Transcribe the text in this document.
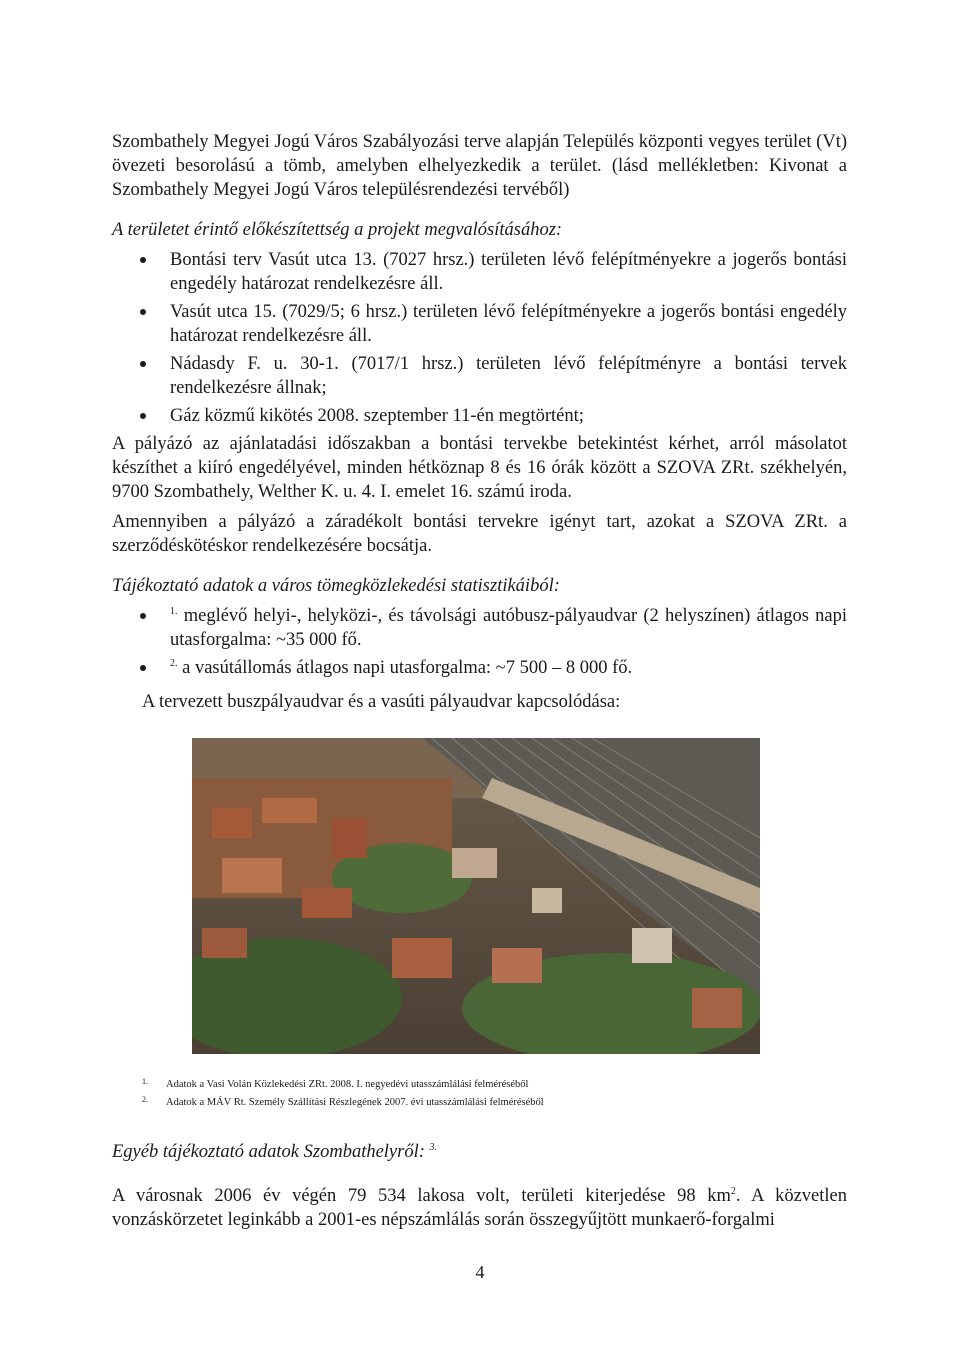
Szombathely Megyei Jogú Város Szabályozási terve alapján Település központi vegyes terület (Vt) övezeti besorolású a tömb, amelyben elhelyezkedik a terület. (lásd mellékletben: Kivonat a Szombathely Megyei Jogú Város településrendezési tervéből)
A területet érintő előkészítettség a projekt megvalósításához:
Bontási terv Vasút utca 13. (7027 hrsz.) területen lévő felépítményekre a jogerős bontási engedély határozat rendelkezésre áll.
Vasút utca 15. (7029/5; 6 hrsz.) területen lévő felépítményekre a jogerős bontási engedély határozat rendelkezésre áll.
Nádasdy F. u. 30-1. (7017/1 hrsz.) területen lévő felépítményre a bontási tervek rendelkezésre állnak;
Gáz közmű kikötés 2008. szeptember 11-én megtörtént;
A pályázó az ajánlatadási időszakban a bontási tervekbe betekintést kérhet, arról másolatot készíthet a kiíró engedélyével, minden hétköznap 8 és 16 órák között a SZOVA ZRt. székhelyén, 9700 Szombathely, Welther K. u. 4. I. emelet 16. számú iroda.
Amennyiben a pályázó a záradékolt bontási tervekre igényt tart, azokat a SZOVA ZRt. a szerződéskötéskor rendelkezésére bocsátja.
Tájékoztató adatok a város tömegközlekedési statisztikáiból:
$^{1.}$ meglévő helyi-, helyközi-, és távolsági autóbusz-pályaudvar (2 helyszínen) átlagos napi utasforgalma: ~35 000 fő.
$^{2.}$ a vasútállomás átlagos napi utasforgalma: ~7 500 – 8 000 fő.
A tervezett buszpályaudvar és a vasúti pályaudvar kapcsolódása:
1. Adatok a Vasi Volán Közlekedési ZRt. 2008. I. negyedévi utasszámlálási felméréséből
2. Adatok a MÁV Rt. Személy Szállítási Részlegének 2007. évi utasszámlálási felméréséből
Egyéb tájékoztató adatok Szombathelyről: $^{3.}$
A városnak 2006 év végén 79 534 lakosa volt, területi kiterjedése 98 km$^2$. A közvetlen vonzáskörzetet leginkább a 2001-es népszámlálás során összegyűjtött munkaerő-forgalmi
4
